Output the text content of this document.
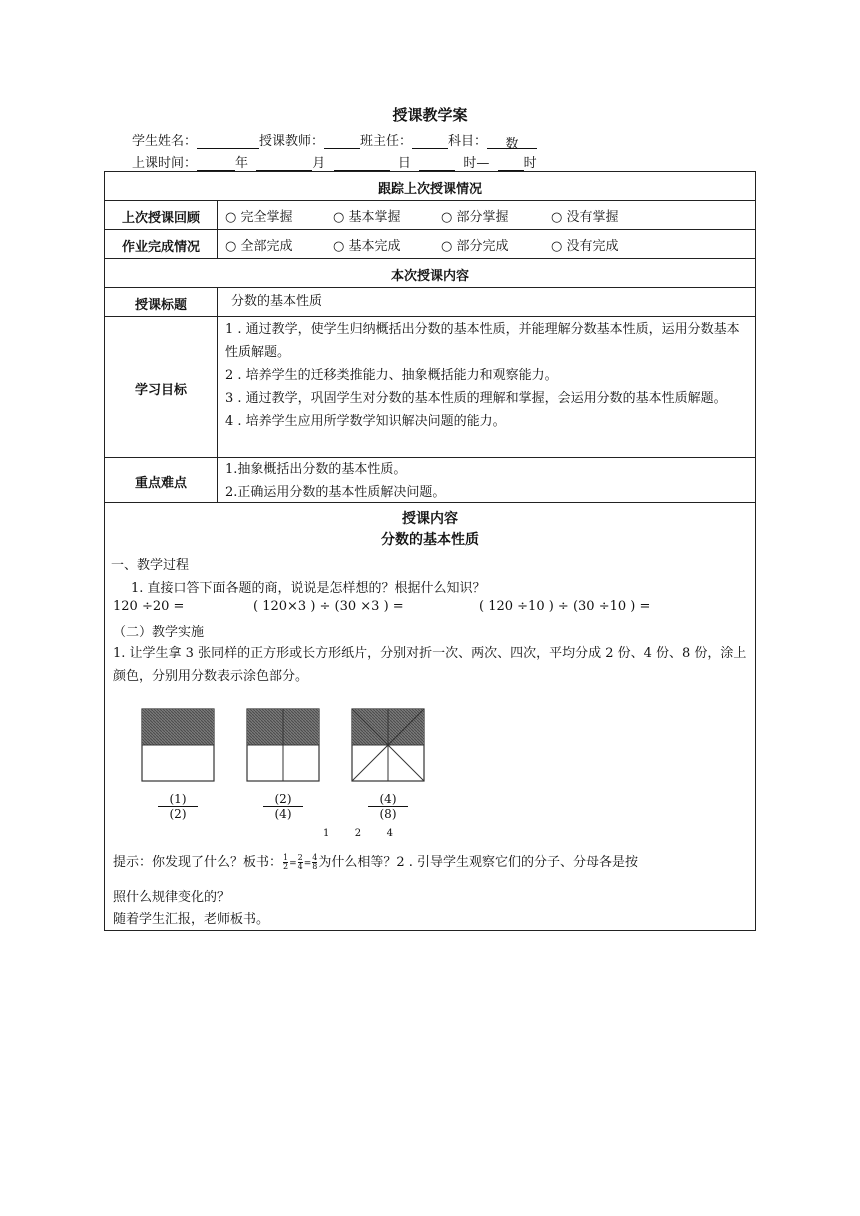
授课教学案
学生姓名：	授课教师：	班主任：	科目： 数
上课时间：	年	月	日	时—	时
跟踪上次授课情况
上次授课回顾	○ 完全掌握	○ 基本掌握	○ 部分掌握	○ 没有掌握
作业完成情况	○ 全部完成	○ 基本完成	○ 部分完成	○ 没有完成
本次授课内容
授课标题	分数的基本性质
学习目标
1 . 通过教学，使学生归纳概括出分数的基本性质，并能理解分数基本性质，运用分数基本性质解题。
2 . 培养学生的迁移类推能力、抽象概括能力和观察能力。
3 . 通过教学，巩固学生对分数的基本性质的理解和掌握，会运用分数的基本性质解题。
4 . 培养学生应用所学数学知识解决问题的能力。
重点难点
1.抽象概括出分数的基本性质。
2.正确运用分数的基本性质解决问题。
授课内容
分数的基本性质
一、教学过程
1. 直接口答下面各题的商，说说是怎样想的？根据什么知识？
120 ÷20 =	( 120×3 ) ÷ (30 ×3 ) =	( 120 ÷10 ) ÷ (30 ÷10 ) =
（二）教学实施
1. 让学生拿 3 张同样的正方形或长方形纸片，分别对折一次、两次、四次，平均分成 2 份、4 份、8 份，涂上颜色，分别用分数表示涂色部分。
(1)
(2)
(2)
(4)
(4)
(8)
1        2        4
提示：你发现了什么？板书： $\frac{1}{2} = \frac{2}{4} = \frac{4}{8}$ 为什么相等？2 . 引导学生观察它们的分子、分母各是按
照什么规律变化的？
随着学生汇报，老师板书。
